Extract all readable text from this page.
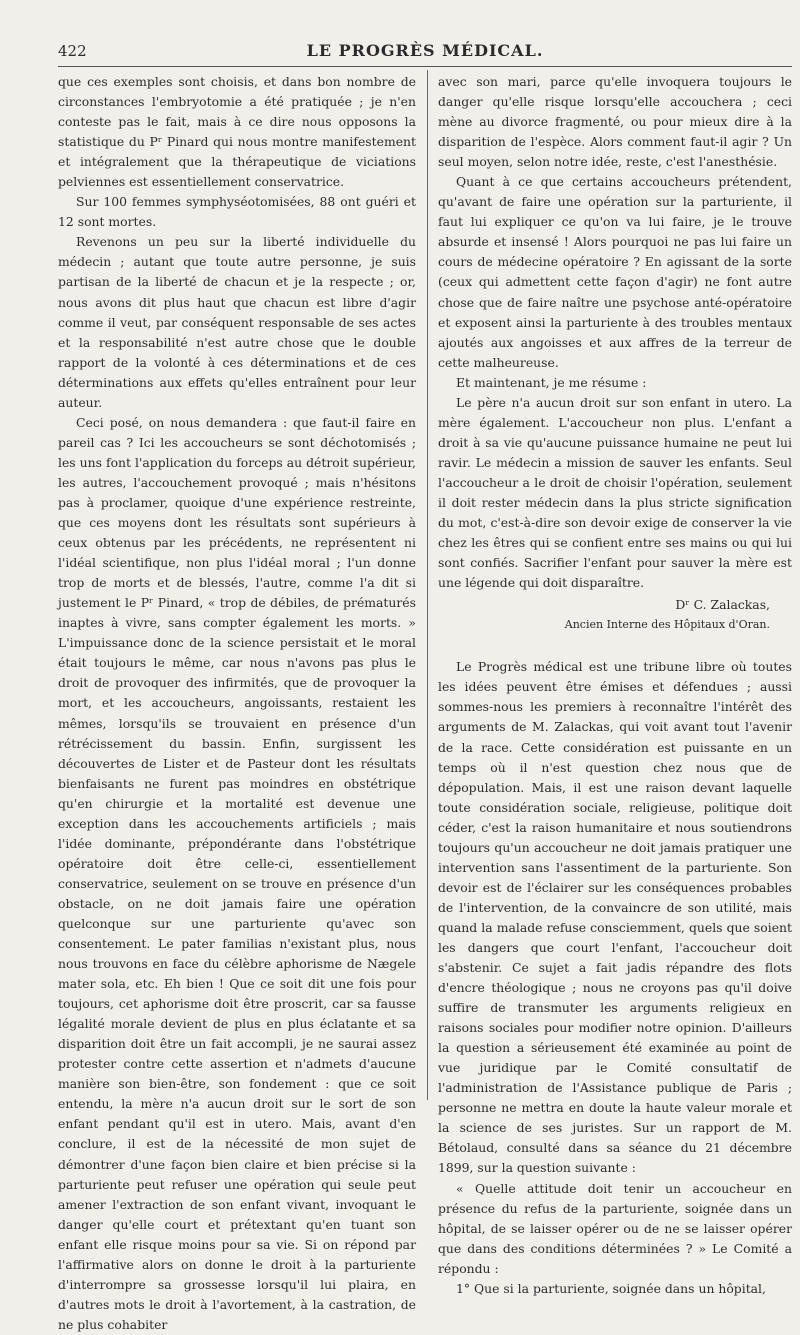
422	LE PROGRÈS MÉDICAL.

que ces exemples sont choisis, et dans bon nombre de circonstances l'embryotomie a été pratiquée ; je n'en conteste pas le fait, mais à ce dire nous opposons la statistique du Pʳ Pinard qui nous montre manifestement et intégralement que la thérapeutique de viciations pelviennes est essentiellement conservatrice.

Sur 100 femmes symphyséotomisées, 88 ont guéri et 12 sont mortes.

Revenons un peu sur la liberté individuelle du médecin ; autant que toute autre personne, je suis partisan de la liberté de chacun et je la respecte ; or, nous avons dit plus haut que chacun est libre d'agir comme il veut, par conséquent responsable de ses actes et la responsabilité n'est autre chose que le double rapport de la volonté à ces déterminations et de ces déterminations aux effets qu'elles entraînent pour leur auteur.

Ceci posé, on nous demandera : que faut-il faire en pareil cas ? Ici les accoucheurs se sont déchotomisés ; les uns font l'application du forceps au détroit supérieur, les autres, l'accouchement provoqué ; mais n'hésitons pas à proclamer, quoique d'une expérience restreinte, que ces moyens dont les résultats sont supérieurs à ceux obtenus par les précédents, ne représentent ni l'idéal scientifique, non plus l'idéal moral ; l'un donne trop de morts et de blessés, l'autre, comme l'a dit si justement le Pʳ Pinard, « trop de débiles, de prématurés inaptes à vivre, sans compter également les morts. » L'impuissance donc de la science persistait et le moral était toujours le même, car nous n'avons pas plus le droit de provoquer des infirmités, que de provoquer la mort, et les accoucheurs, angoissants, restaient les mêmes, lorsqu'ils se trouvaient en présence d'un rétrécissement du bassin. Enfin, surgissent les découvertes de Lister et de Pasteur dont les résultats bienfaisants ne furent pas moindres en obstétrique qu'en chirurgie et la mortalité est devenue une exception dans les accouchements artificiels ; mais l'idée dominante, prépondérante dans l'obstétrique opératoire doit être celle-ci, essentiellement conservatrice, seulement on se trouve en présence d'un obstacle, on ne doit jamais faire une opération quelconque sur une parturiente qu'avec son consentement. Le pater familias n'existant plus, nous nous trouvons en face du célèbre aphorisme de Nægele mater sola, etc. Eh bien ! Que ce soit dit une fois pour toujours, cet aphorisme doit être proscrit, car sa fausse légalité morale devient de plus en plus éclatante et sa disparition doit être un fait accompli, je ne saurai assez protester contre cette assertion et n'admets d'aucune manière son bien-être, son fondement : que ce soit entendu, la mère n'a aucun droit sur le sort de son enfant pendant qu'il est in utero. Mais, avant d'en conclure, il est de la nécessité de mon sujet de démontrer d'une façon bien claire et bien précise si la parturiente peut refuser une opération qui seule peut amener l'extraction de son enfant vivant, invoquant le danger qu'elle court et prétextant qu'en tuant son enfant elle risque moins pour sa vie. Si on répond par l'affirmative alors on donne le droit à la parturiente d'interrompre sa grossesse lorsqu'il lui plaira, en d'autres mots le droit à l'avortement, à la castration, de ne plus cohabiter

avec son mari, parce qu'elle invoquera toujours le danger qu'elle risque lorsqu'elle accouchera ; ceci mène au divorce fragmenté, ou pour mieux dire à la disparition de l'espèce. Alors comment faut-il agir ? Un seul moyen, selon notre idée, reste, c'est l'anesthésie.

Quant à ce que certains accoucheurs prétendent, qu'avant de faire une opération sur la parturiente, il faut lui expliquer ce qu'on va lui faire, je le trouve absurde et insensé ! Alors pourquoi ne pas lui faire un cours de médecine opératoire ? En agissant de la sorte (ceux qui admettent cette façon d'agir) ne font autre chose que de faire naître une psychose anté-opératoire et exposent ainsi la parturiente à des troubles mentaux ajoutés aux angoisses et aux affres de la terreur de cette malheureuse.

Et maintenant, je me résume :

Le père n'a aucun droit sur son enfant in utero. La mère également. L'accoucheur non plus. L'enfant a droit à sa vie qu'aucune puissance humaine ne peut lui ravir. Le médecin a mission de sauver les enfants. Seul l'accoucheur a le droit de choisir l'opération, seulement il doit rester médecin dans la plus stricte signification du mot, c'est-à-dire son devoir exige de conserver la vie chez les êtres qui se confient entre ses mains ou qui lui sont confiés. Sacrifier l'enfant pour sauver la mère est une légende qui doit disparaître.

Dʳ C. Zalackas,

Ancien Interne des Hôpitaux d'Oran.

Le Progrès médical est une tribune libre où toutes les idées peuvent être émises et défendues ; aussi sommes-nous les premiers à reconnaître l'intérêt des arguments de M. Zalackas, qui voit avant tout l'avenir de la race. Cette considération est puissante en un temps où il n'est question chez nous que de dépopulation. Mais, il est une raison devant laquelle toute considération sociale, religieuse, politique doit céder, c'est la raison humanitaire et nous soutiendrons toujours qu'un accoucheur ne doit jamais pratiquer une intervention sans l'assentiment de la parturiente. Son devoir est de l'éclairer sur les conséquences probables de l'intervention, de la convaincre de son utilité, mais quand la malade refuse consciemment, quels que soient les dangers que court l'enfant, l'accoucheur doit s'abstenir. Ce sujet a fait jadis répandre des flots d'encre théologique ; nous ne croyons pas qu'il doive suffire de transmuter les arguments religieux en raisons sociales pour modifier notre opinion. D'ailleurs la question a sérieusement été examinée au point de vue juridique par le Comité consultatif de l'administration de l'Assistance publique de Paris ; personne ne mettra en doute la haute valeur morale et la science de ses juristes. Sur un rapport de M. Bétolaud, consulté dans sa séance du 21 décembre 1899, sur la question suivante :

« Quelle attitude doit tenir un accoucheur en présence du refus de la parturiente, soignée dans un hôpital, de se laisser opérer ou de ne se laisser opérer que dans des conditions déterminées ? » Le Comité a répondu :

1° Que si la parturiente, soignée dans un hôpital,
